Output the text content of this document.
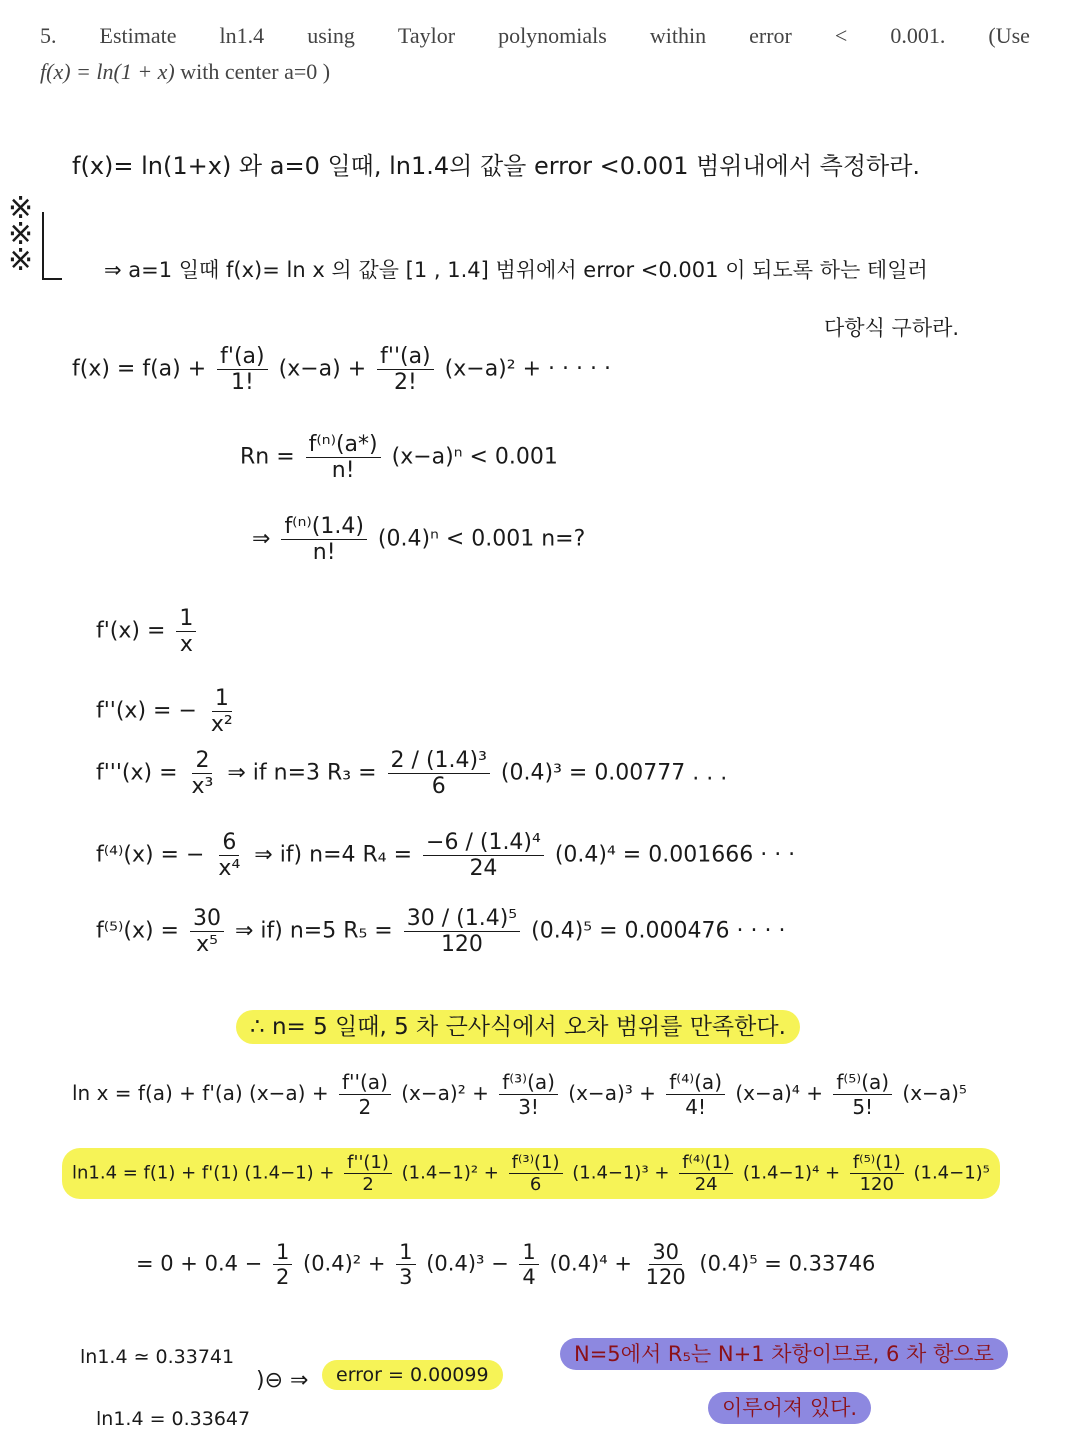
5. Estimate ln1.4 using Taylor polynomials within error < 0.001. (Use
f(x) = ln(1 + x) with center a=0 )
f(x)= ln(1+x) 와 a=0 일때, ln1.4의 값을 error <0.001 범위내에서 측정하라.
※
※
※	⇒ a=1 일때 f(x)= ln x 의 값을 [1 , 1.4] 범위에서 error <0.001 이 되도록 하는 테일러
다항식 구하라.
$f(x) = f(a) + \frac{f'(a)}{1!} (x-a) + \frac{f''(a)}{2!} (x-a)^2$ + · · · · ·
$Rn = \frac{\text{f⁽ⁿ⁾(a*)}}{n!} (x-a)^n < 0.001$
⇒ $\frac{\text{f⁽ⁿ⁾(1.4)}}{n!} (0.4)^n < 0.001$ n=?
$f'(x) = \frac{1}{x}$
f''(x) = − $\frac{1}{\text{x²}}$
$f'''(x) = \frac{2}{\text{x³}}$ ⇒ if n=3 $R_3 = \frac{\text{2 / (1.4)³}}{6} (0.4)^3 = 0.00777$ . . .
f⁽⁴⁾(x) = − $\frac{6}{\text{x⁴}}$ ⇒ if) n=4 $R_4 = \frac{\text{−6 / (1.4)⁴}}{24} (0.4)^4 = 0.001666$ · · ·
$f^{(5)}(x) = \frac{30}{\text{x⁵}}$ ⇒ if) n=5 $R_5 = \frac{\text{30 / (1.4)⁵}}{120} (0.4)^5 = 0.000476$ · · · ·
∴ n= 5 일때, 5 차 근사식에서 오차 범위를 만족한다.
ln x = f(a) + f'(a) $(x-a) + \frac{f''(a)}{2} (x-a)^2 + \frac{\text{f⁽³⁾(a)}}{3!} (x-a)^3 + \frac{\text{f⁽⁴⁾(a)}}{4!} (x-a)^4 + \frac{\text{f⁽⁵⁾(a)}}{5!} (x-a)^5$
ln1.4 = f(1) + f'(1) $(1.4-1) + \frac{f''(1)}{2} (1.4-1)^2 + \frac{\text{f⁽³⁾(1)}}{6} (1.4-1)^3 + \frac{\text{f⁽⁴⁾(1)}}{24} (1.4-1)^4 + \frac{\text{f⁽⁵⁾(1)}}{120} (1.4-1)^5$
= $0 + 0.4 - \frac{1}{2} (0.4)^2 + \frac{1}{3} (0.4)^3 - \frac{1}{4} (0.4)^4 + \frac{30}{120} (0.4)^5 = 0.33746$
ln1.4 ≃ 0.33741
ln1.4 = 0.33647
)⊖ ⇒	error = 0.00099
N=5에서 R₅는 N+1 차항이므로, 6 차 항으로
이루어져 있다.
